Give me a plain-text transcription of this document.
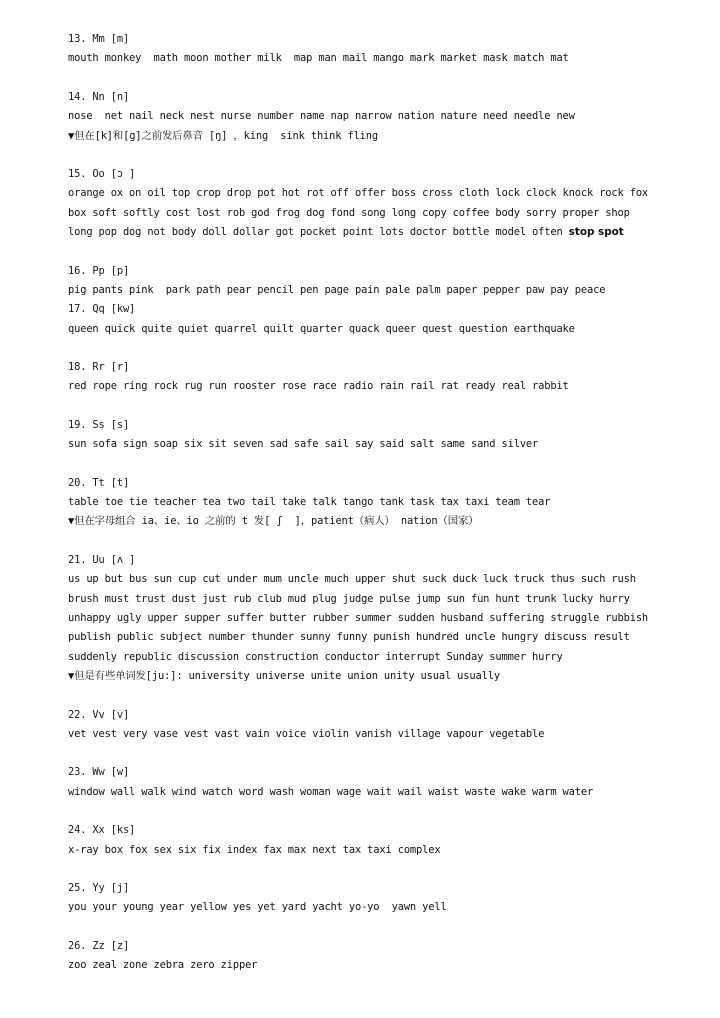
13. Mm [m]
mouth monkey  math moon mother milk  map man mail mango mark market mask match mat
14. Nn [n]
nose  net nail neck nest nurse number name nap narrow nation nature need needle new
▼但在[k]和[g]之前发后鼻音 [ŋ] ，king  sink think fling
15. Oo [ɔ ]
orange ox on oil top crop drop pot hot rot off offer boss cross cloth lock clock knock rock fox
box soft softly cost lost rob god frog dog fond song long copy coffee body sorry proper shop
long pop dog not body doll dollar got pocket point lots doctor bottle model often stop spot
16. Pp [p]
pig pants pink  park path pear pencil pen page pain pale palm paper pepper paw pay peace
17. Qq [kw]
queen quick quite quiet quarrel quilt quarter quack queer quest question earthquake
18. Rr [r]
red rope ring rock rug run rooster rose race radio rain rail rat ready real rabbit
19. Ss [s]
sun sofa sign soap six sit seven sad safe sail say said salt same sand silver
20. Tt [t]
table toe tie teacher tea two tail take talk tango tank task tax taxi team tear
▼但在字母组合 ia、ie、io 之前的 t 发[ ʃ  ]，patient（病人） nation（国家）
21. Uu [ʌ ]
us up but bus sun cup cut under mum uncle much upper shut suck duck luck truck thus such rush
brush must trust dust just rub club mud plug judge pulse jump sun fun hunt trunk lucky hurry
unhappy ugly upper supper suffer butter rubber summer sudden husband suffering struggle rubbish
publish public subject number thunder sunny funny punish hundred uncle hungry discuss result
suddenly republic discussion construction conductor interrupt Sunday summer hurry
▼但是有些单词发[ju:]: university universe unite union unity usual usually
22. Vv [v]
vet vest very vase vest vast vain voice violin vanish village vapour vegetable
23. Ww [w]
window wall walk wind watch word wash woman wage wait wail waist waste wake warm water
24. Xx [ks]
x-ray box fox sex six fix index fax max next tax taxi complex
25. Yy [j]
you your young year yellow yes yet yard yacht yo-yo  yawn yell
26. Zz [z]
zoo zeal zone zebra zero zipper
